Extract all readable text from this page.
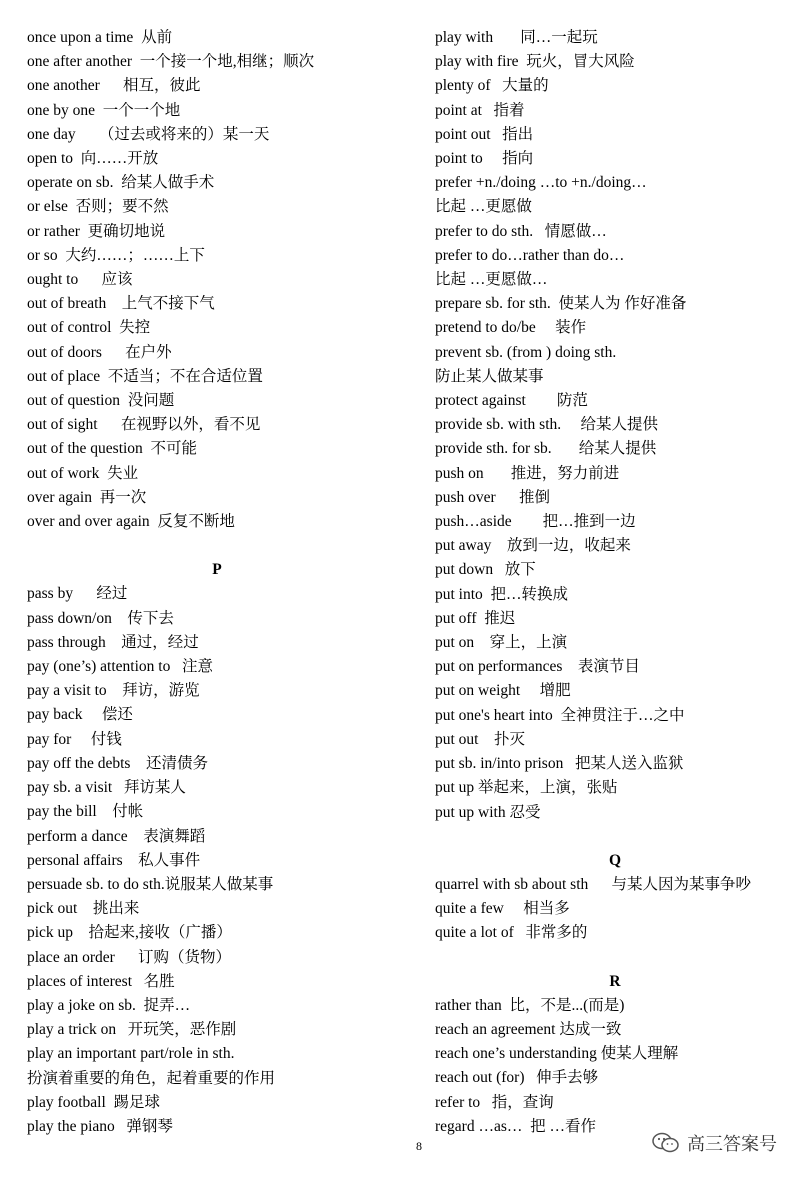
once upon a time  从前
one after another  一个接一个地,相继；顺次
one another      相互，彼此
one by one  一个一个地
one day      （过去或将来的）某一天
open to  向……开放
operate on sb.  给某人做手术
or else  否则；要不然
or rather  更确切地说
or so  大约……；……上下
ought to      应该
out of breath    上气不接下气
out of control  失控
out of doors      在户外
out of place  不适当；不在合适位置
out of question  没问题
out of sight      在视野以外，看不见
out of the question  不可能
out of work  失业
over again  再一次
over and over again  反复不断地
P
pass by      经过
pass down/on    传下去
pass through    通过，经过
pay (one’s) attention to   注意
pay a visit to    拜访，游览
pay back     偿还
pay for     付钱
pay off the debts    还清债务
pay sb. a visit   拜访某人
pay the bill    付帐
perform a dance    表演舞蹈
personal affairs    私人事件
persuade sb. to do sth.说服某人做某事
pick out    挑出来
pick up    拾起来,接收（广播）
place an order      订购（货物）
places of interest   名胜
play a joke on sb.  捉弄…
play a trick on   开玩笑，恶作剧
play an important part/role in sth.
扮演着重要的角色，起着重要的作用
play football  踢足球
play the piano   弹钢琴
play with       同…一起玩
play with fire  玩火，冒大风险
plenty of   大量的
point at   指着
point out   指出
point to     指向
prefer +n./doing …to +n./doing…
比起 …更愿做
prefer to do sth.   情愿做…
prefer to do…rather than do…
比起 …更愿做…
prepare sb. for sth.  使某人为 作好准备
pretend to do/be     装作
prevent sb. (from ) doing sth.
防止某人做某事
protect against        防范
provide sb. with sth.     给某人提供
provide sth. for sb.       给某人提供
push on       推进，努力前进
push over      推倒
push…aside        把…推到一边
put away    放到一边，收起来
put down   放下
put into  把…转换成
put off  推迟
put on    穿上，上演
put on performances    表演节目
put on weight     增肥
put one's heart into  全神贯注于…之中
put out    扑灭
put sb. in/into prison   把某人送入监狱
put up 举起来，上演，张贴
put up with 忍受
Q
quarrel with sb about sth      与某人因为某事争吵
quite a few     相当多
quite a lot of   非常多的
R
rather than  比，不是...(而是)
reach an agreement 达成一致
reach one’s understanding 使某人理解
reach out (for)   伸手去够
refer to   指，查询
regard …as…  把 …看作
8	高三答案号
